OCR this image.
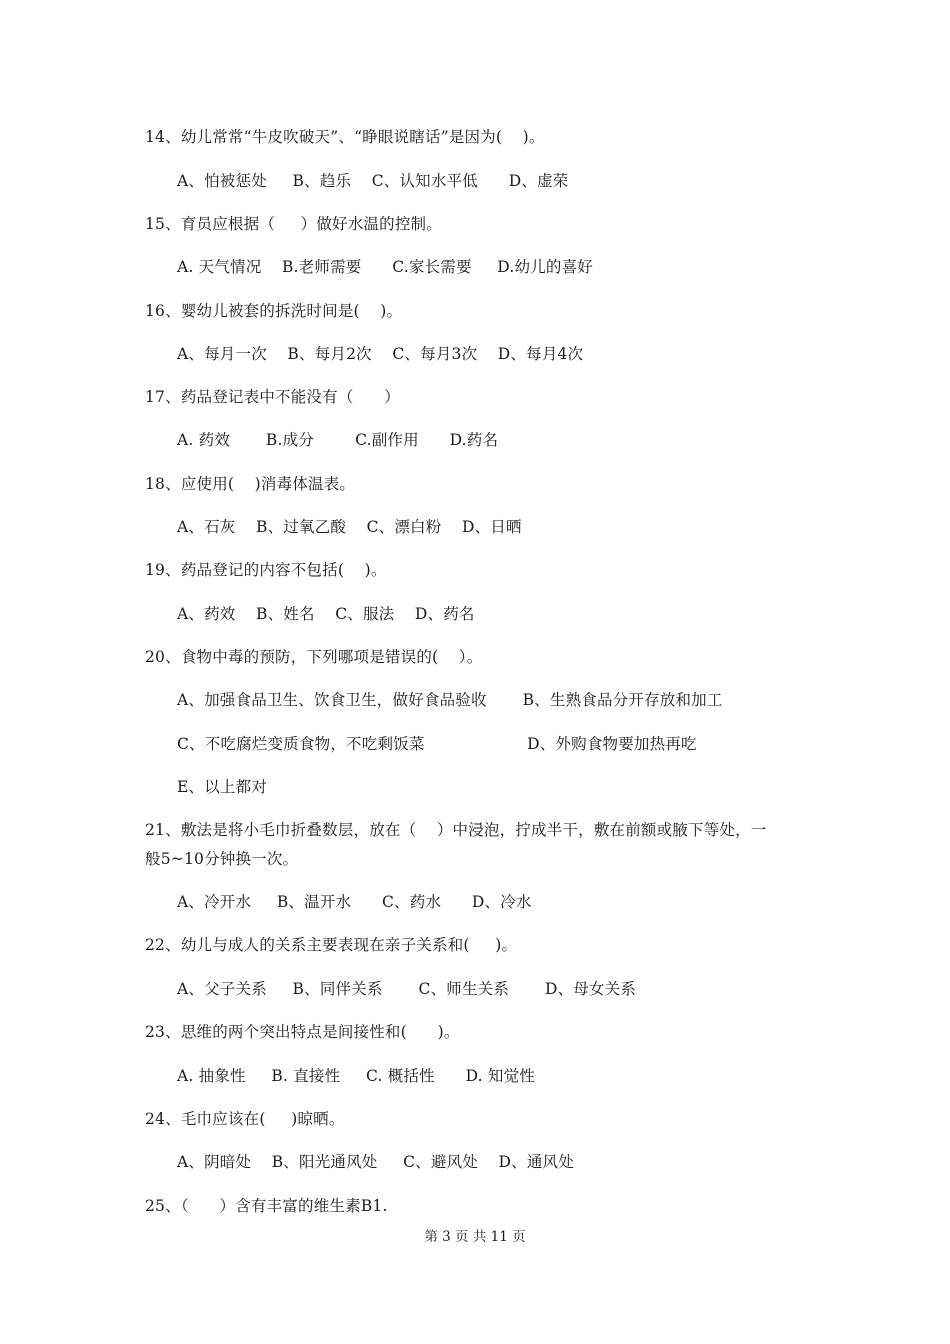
14、幼儿常常“牛皮吹破天”、“睁眼说瞎话”是因为(    )。
A、怕被惩处     B、趋乐    C、认知水平低      D、虚荣
15、育员应根据（     ）做好水温的控制。
A. 天气情况    B.老师需要      C.家长需要     D.幼儿的喜好
16、婴幼儿被套的拆洗时间是(    )。
A、每月一次    B、每月2次    C、每月3次    D、每月4次
17、药品登记表中不能没有（      ）
A. 药效       B.成分        C.副作用      D.药名
18、应使用(    )消毒体温表。
A、石灰    B、过氧乙酸    C、漂白粉    D、日晒
19、药品登记的内容不包括(    )。
A、药效    B、姓名    C、服法    D、药名
20、食物中毒的预防，下列哪项是错误的(    ）。
A、加强食品卫生、饮食卫生，做好食品验收       B、生熟食品分开存放和加工
C、不吃腐烂变质食物，不吃剩饭菜                    D、外购食物要加热再吃
E、以上都对
21、敷法是将小毛巾折叠数层，放在（    ）中浸泡，拧成半干，敷在前额或腋下等处，一
般5~10分钟换一次。
A、冷开水     B、温开水      C、药水      D、冷水
22、幼儿与成人的关系主要表现在亲子关系和(     )。
A、父子关系     B、同伴关系       C、师生关系       D、母女关系
23、思维的两个突出特点是间接性和(      )。
A. 抽象性     B. 直接性     C. 概括性      D. 知觉性
24、毛巾应该在(     )晾晒。
A、阴暗处    B、阳光通风处     C、避风处    D、通风处
25、（      ）含有丰富的维生素B1.
第 3 页 共 11 页
